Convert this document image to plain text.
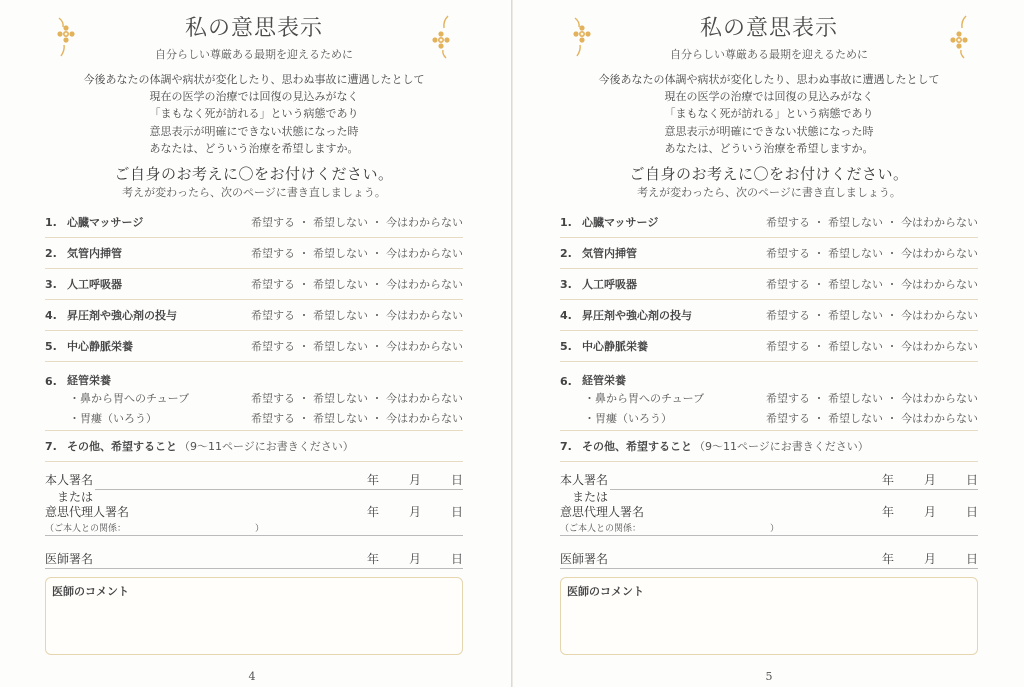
私の意思表示
自分らしい尊厳ある最期を迎えるために
今後あなたの体調や病状が変化したり、思わぬ事故に遭遇したとして
現在の医学の治療では回復の見込みがなく
「まもなく死が訪れる」という病態であり
意思表示が明確にできない状態になった時
あなたは、どういう治療を希望しますか。
ご自身のお考えに〇をお付けください。
考えが変わったら、次のページに書き直しましょう。
1. 心臓マッサージ	希望する ・ 希望しない ・ 今はわからない
2. 気管内挿管	希望する ・ 希望しない ・ 今はわからない
3. 人工呼吸器	希望する ・ 希望しない ・ 今はわからない
4. 昇圧剤や強心剤の投与	希望する ・ 希望しない ・ 今はわからない
5. 中心静脈栄養	希望する ・ 希望しない ・ 今はわからない
6. 経管栄養
・鼻から胃へのチューブ	希望する ・ 希望しない ・ 今はわからない
・胃瘻（いろう）	希望する ・ 希望しない ・ 今はわからない
7. その他、希望すること （9〜11ページにお書きください）
本人署名	年 月 日
または
意思代理人署名	年 月 日
（ご本人との関係：	）
医師署名	年 月 日
医師のコメント
4
私の意思表示
自分らしい尊厳ある最期を迎えるために
今後あなたの体調や病状が変化したり、思わぬ事故に遭遇したとして
現在の医学の治療では回復の見込みがなく
「まもなく死が訪れる」という病態であり
意思表示が明確にできない状態になった時
あなたは、どういう治療を希望しますか。
ご自身のお考えに〇をお付けください。
考えが変わったら、次のページに書き直しましょう。
1. 心臓マッサージ	希望する ・ 希望しない ・ 今はわからない
2. 気管内挿管	希望する ・ 希望しない ・ 今はわからない
3. 人工呼吸器	希望する ・ 希望しない ・ 今はわからない
4. 昇圧剤や強心剤の投与	希望する ・ 希望しない ・ 今はわからない
5. 中心静脈栄養	希望する ・ 希望しない ・ 今はわからない
6. 経管栄養
・鼻から胃へのチューブ	希望する ・ 希望しない ・ 今はわからない
・胃瘻（いろう）	希望する ・ 希望しない ・ 今はわからない
7. その他、希望すること （9〜11ページにお書きください）
本人署名	年 月 日
または
意思代理人署名	年 月 日
（ご本人との関係：	）
医師署名	年 月 日
医師のコメント
5
